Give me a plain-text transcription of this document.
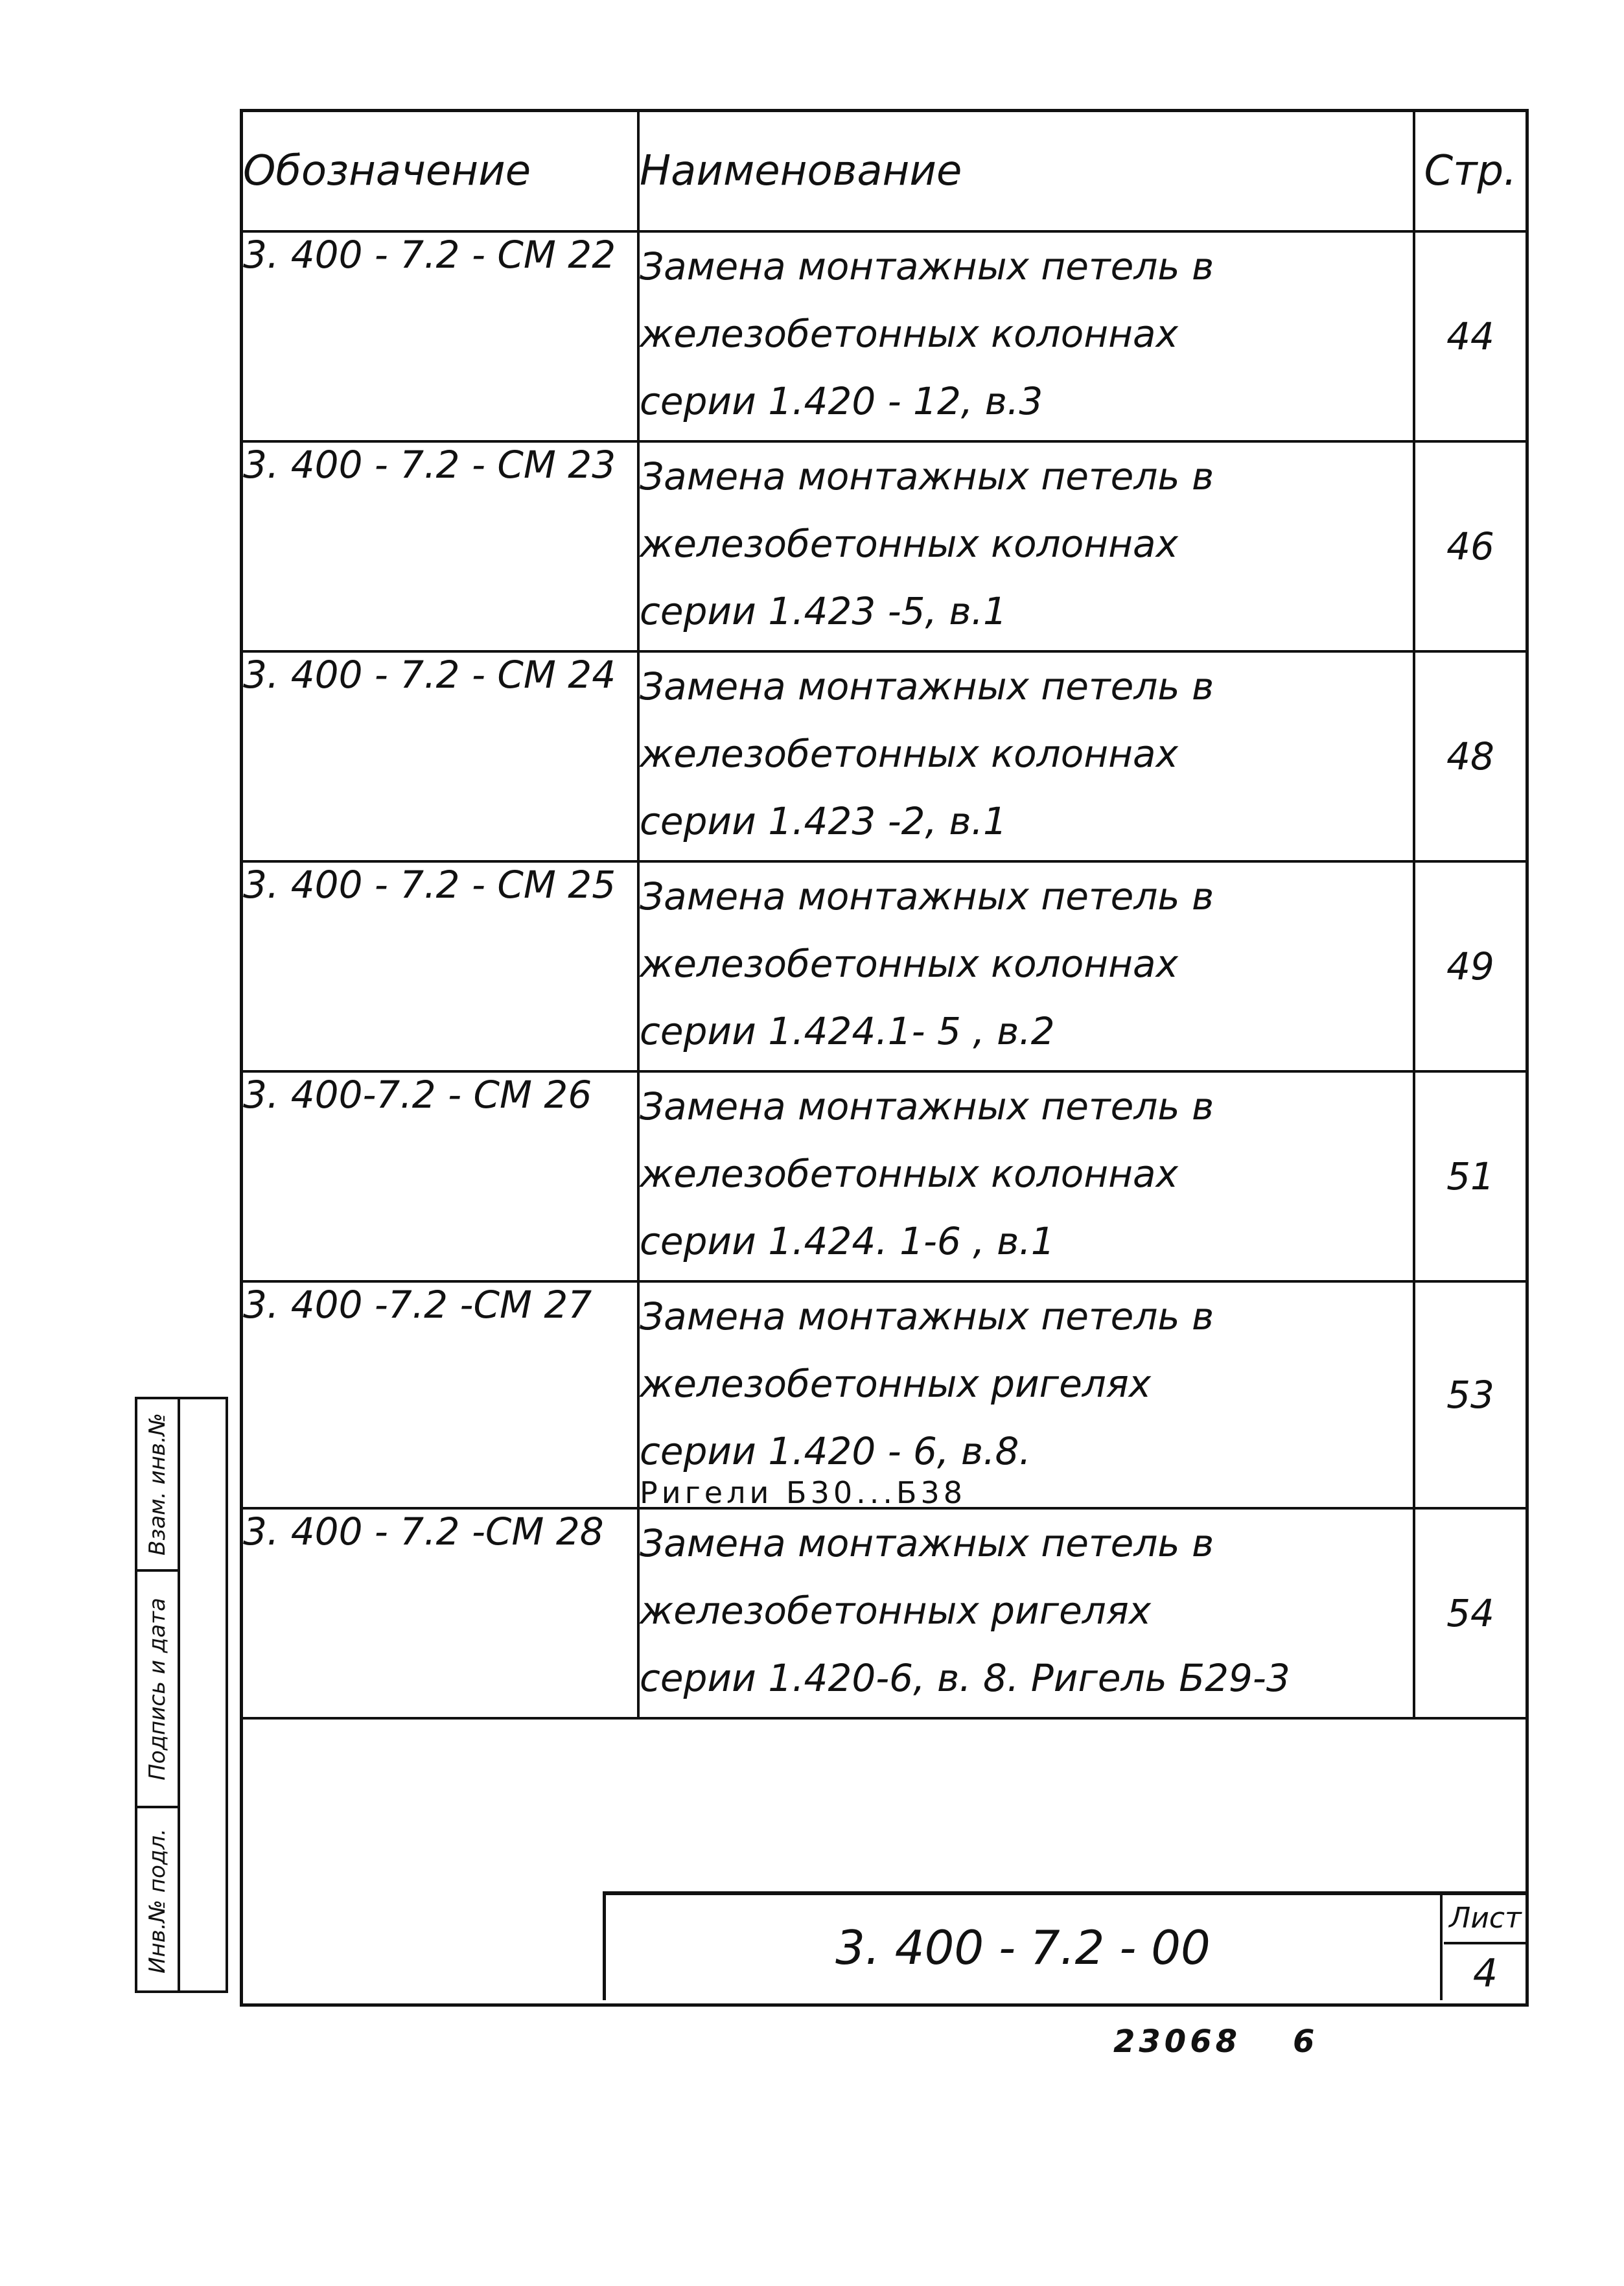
Обозначение	Наименование	Стр.
3. 400 - 7.2 - СМ 22	Замена монтажных петель в
железобетонных колоннах
серии 1.420 - 12, в.3	44
3. 400 - 7.2 - СМ 23	Замена монтажных петель в
железобетонных колоннах
серии 1.423 -5, в.1	46
3. 400 - 7.2 - СМ 24	Замена монтажных петель в
железобетонных колоннах
серии 1.423 -2, в.1	48
3. 400 - 7.2 - СМ 25	Замена монтажных петель в
железобетонных колоннах
серии 1.424.1- 5 , в.2	49
3. 400-7.2 - СМ 26	Замена монтажных петель в
железобетонных колоннах
серии 1.424. 1-6 , в.1	51
3. 400 -7.2 -СМ 27	Замена монтажных петель в
железобетонных ригелях
серии 1.420 - 6, в.8.
Ригели Б30...Б38	53
3. 400 - 7.2 -СМ 28	Замена монтажных петель в
железобетонных ригелях
серии 1.420-6, в. 8. Ригель Б29-3	54
3. 400 - 7.2 - 00
Лист
4
Взам. инв.№
Подпись и дата
Инв.№ подл.
23068 6
